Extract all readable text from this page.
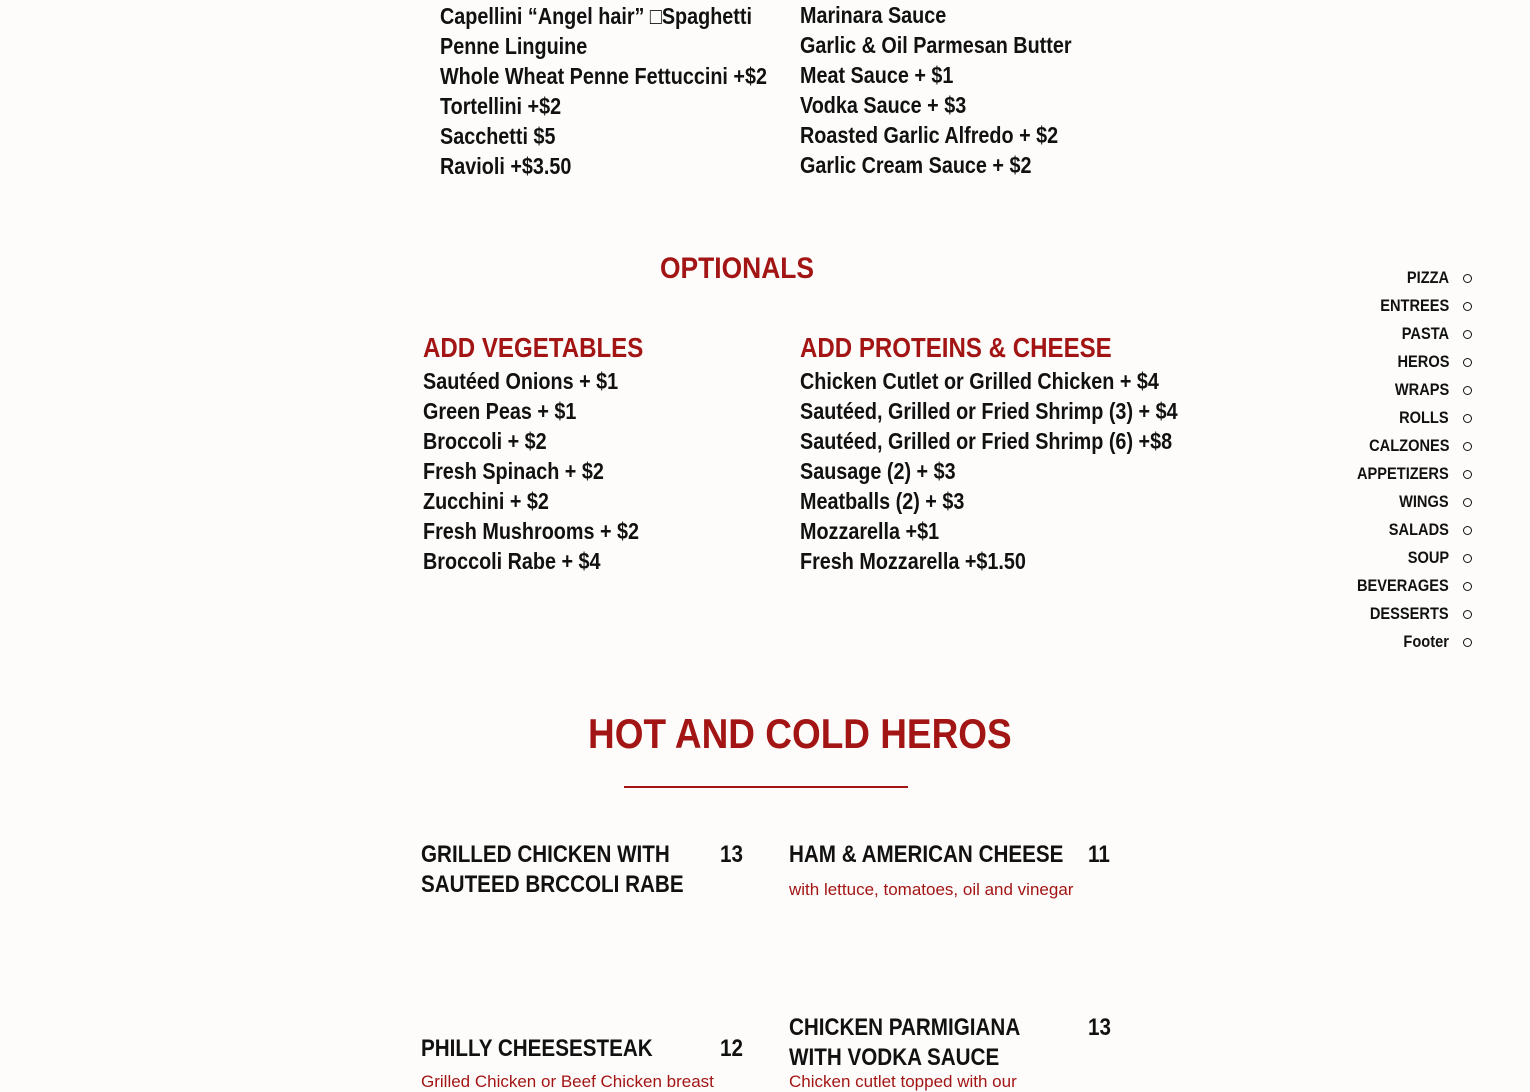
Capellini “Angel hair” □Spaghetti
Penne Linguine
Whole Wheat Penne Fettuccini +$2
Tortellini +$2
Sacchetti $5
Ravioli +$3.50
Marinara Sauce
Garlic & Oil Parmesan Butter
Meat Sauce + $1
Vodka Sauce + $3
Roasted Garlic Alfredo + $2
Garlic Cream Sauce + $2
OPTIONALS
ADD VEGETABLES
Sautéed Onions + $1
Green Peas + $1
Broccoli + $2
Fresh Spinach + $2
Zucchini + $2
Fresh Mushrooms + $2
Broccoli Rabe + $4
ADD PROTEINS & CHEESE
Chicken Cutlet or Grilled Chicken + $4
Sautéed, Grilled or Fried Shrimp (3) + $4
Sautéed, Grilled or Fried Shrimp (6) +$8
Sausage (2) + $3
Meatballs (2) + $3
Mozzarella +$1
Fresh Mozzarella +$1.50
HOT AND COLD HEROS
GRILLED CHICKEN WITH
SAUTEED BRCCOLI RABE
13 HAM & AMERICAN CHEESE 11
with lettuce, tomatoes, oil and vinegar
PHILLY CHEESESTEAK	12
Grilled Chicken or Beef Chicken breast
CHICKEN PARMIGIANA
WITH VODKA SAUCE
13
Chicken cutlet topped with our
PIZZA
ENTREES
PASTA
HEROS
WRAPS
ROLLS
CALZONES
APPETIZERS
WINGS
SALADS
SOUP
BEVERAGES
DESSERTS
Footer
